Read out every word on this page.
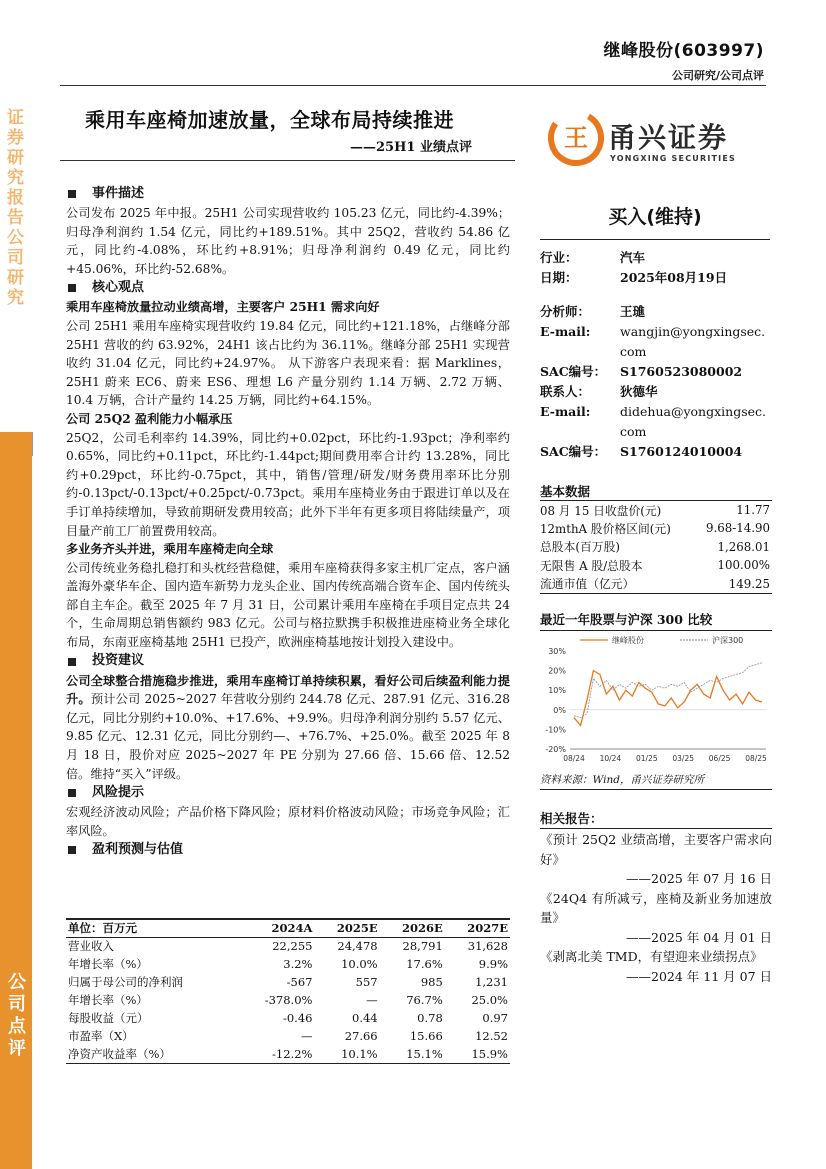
证券研究报告 公司研究
公司点评
继峰股份(603997)
公司研究/公司点评
乘用车座椅加速放量，全球布局持续推进
——25H1 业绩点评	王 甬兴证券
YONGXING SECURITIES
事件描述
公司发布 2025 年中报。25H1 公司实现营收约 105.23 亿元，同比约-4.39%；归母净利润约 1.54 亿元，同比约+189.51%。其中 25Q2，营收约 54.86 亿元，同比约-4.08%，环比约+8.91%；归母净利润约 0.49 亿元，同比约+45.06%，环比约-52.68%。
核心观点
乘用车座椅放量拉动业绩高增，主要客户 25H1 需求向好
公司 25H1 乘用车座椅实现营收约 19.84 亿元，同比约+121.18%，占继峰分部 25H1 营收的约 63.92%，24H1 该占比约为 36.11%。继峰分部 25H1 实现营收约 31.04 亿元，同比约+24.97%。 从下游客户表现来看：据 Marklines，25H1 蔚来 EC6、蔚来 ES6、理想 L6 产量分别约 1.14 万辆、2.72 万辆、10.4 万辆，合计产量约 14.25 万辆，同比约+64.15%。
公司 25Q2 盈利能力小幅承压
25Q2，公司毛利率约 14.39%，同比约+0.02pct，环比约-1.93pct；净利率约 0.65%，同比约+0.11pct，环比约-1.44pct;期间费用率合计约 13.28%，同比约+0.29pct，环比约-0.75pct，其中，销售/管理/研发/财务费用率环比分别约-0.13pct/-0.13pct/+0.25pct/-0.73pct。乘用车座椅业务由于跟进订单以及在手订单持续增加，导致前期研发费用较高；此外下半年有更多项目将陆续量产，项目量产前工厂前置费用较高。
多业务齐头并进，乘用车座椅走向全球
公司传统业务稳扎稳打和头枕经营稳健，乘用车座椅获得多家主机厂定点，客户涵盖海外豪华车企、国内造车新势力龙头企业、国内传统高端合资车企、国内传统头部自主车企。截至 2025 年 7 月 31 日，公司累计乘用车座椅在手项目定点共 24 个，生命周期总销售额约 983 亿元。公司与格拉默携手积极推进座椅业务全球化布局，东南亚座椅基地 25H1 已投产，欧洲座椅基地按计划投入建设中。
投资建议
公司全球整合措施稳步推进，乘用车座椅订单持续积累，看好公司后续盈利能力提升。预计公司 2025~2027 年营收分别约 244.78 亿元、287.91 亿元、316.28 亿元，同比分别约+10.0%、+17.6%、+9.9%。归母净利润分别约 5.57 亿元、9.85 亿元、12.31 亿元，同比分别约—、+76.7%、+25.0%。截至 2025 年 8 月 18 日，股价对应 2025~2027 年 PE 分别为 27.66 倍、15.66 倍、12.52 倍。维持“买入”评级。
风险提示
宏观经济波动风险；产品价格下降风险；原材料价格波动风险；市场竞争风险；汇率风险。
盈利预测与估值
单位：百万元	2024A	2025E	2026E	2027E
营业收入	22,255	24,478	28,791	31,628
年增长率（%）	3.2%	10.0%	17.6%	9.9%
归属于母公司的净利润	-567	557	985	1,231
年增长率（%）	-378.0%	—	76.7%	25.0%
每股收益（元）	-0.46	0.44	0.78	0.97
市盈率（X）	—	27.66	15.66	12.52
净资产收益率（%）	-12.2%	10.1%	15.1%	15.9%
买入(维持)
行业：	汽车
日期：	2025年08月19日
分析师：	王璡
E-mail:	wangjin@yongxingsec.
com
SAC编号：	S1760523080002
联系人：	狄德华
E-mail:	didehua@yongxingsec.
com
SAC编号：	S1760124010004
基本数据
08 月 15 日收盘价(元)	11.77
12mthA 股价格区间(元)	9.68-14.90
总股本(百万股)	1,268.01
无限售 A 股/总股本	100.00%
流通市值（亿元）	149.25
最近一年股票与沪深 300 比较
30%
20%
10%
0%
-10%
-20%
08/24 10/24 01/25 03/25 06/25 08/25
继峰股份	沪深300
资料来源：Wind，甬兴证券研究所
相关报告：
《预计 25Q2 业绩高增，主要客户需求向好》
——2025 年 07 月 16 日
《24Q4 有所减亏，座椅及新业务加速放量》
——2025 年 04 月 01 日
《剥离北美 TMD，有望迎来业绩拐点》
——2024 年 11 月 07 日
